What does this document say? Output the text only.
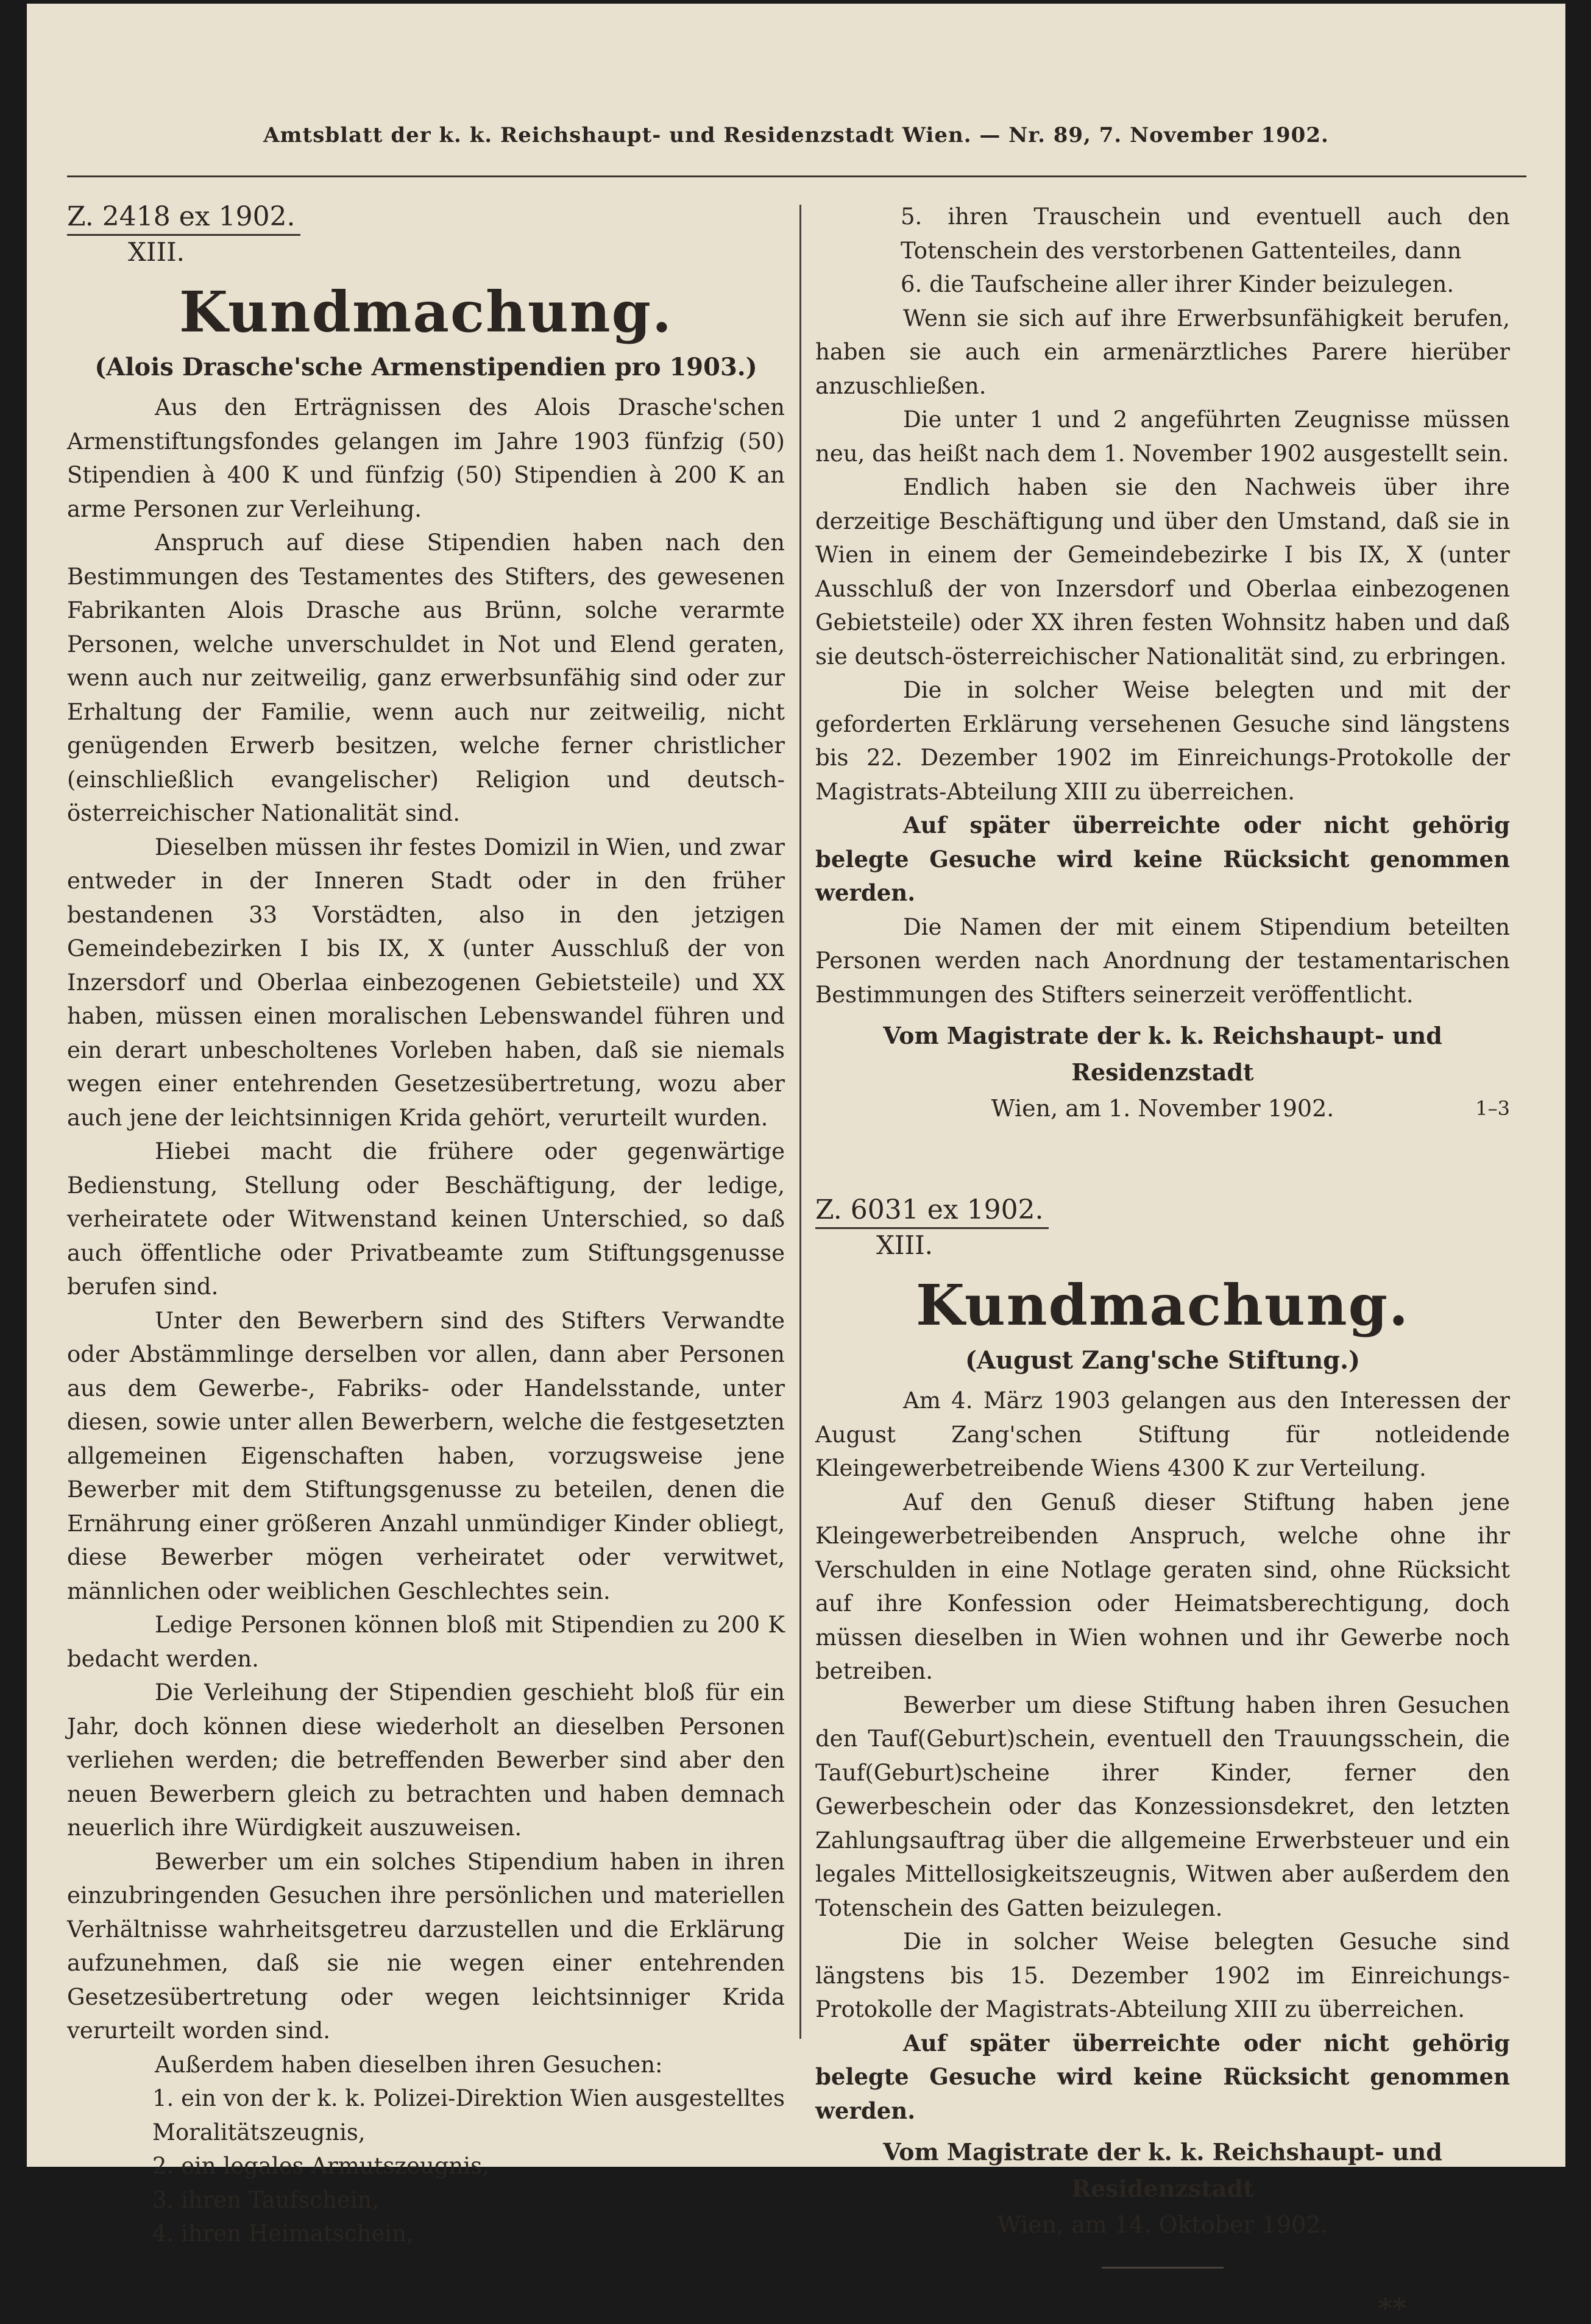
Amtsblatt der k. k. Reichshaupt- und Residenzstadt Wien. — Nr. 89, 7. November 1902.
Z. 2418 ex 1902.
XIII.
Kundmachung.
(Alois Drasche'sche Armenstipendien pro 1903.)

Aus den Erträgnissen des Alois Drasche'schen Armenstiftungsfondes gelangen im Jahre 1903 fünfzig (50) Stipendien à 400 K und fünfzig (50) Stipendien à 200 K an arme Personen zur Verleihung.

Anspruch auf diese Stipendien haben nach den Bestimmungen des Testamentes des Stifters, des gewesenen Fabrikanten Alois Drasche aus Brünn, solche verarmte Personen, welche unverschuldet in Not und Elend geraten, wenn auch nur zeitweilig, ganz erwerbsunfähig sind oder zur Erhaltung der Familie, wenn auch nur zeitweilig, nicht genügenden Erwerb besitzen, welche ferner christlicher (einschließlich evangelischer) Religion und deutsch-österreichischer Nationalität sind.

Dieselben müssen ihr festes Domizil in Wien, und zwar entweder in der Inneren Stadt oder in den früher bestandenen 33 Vorstädten, also in den jetzigen Gemeindebezirken I bis IX, X (unter Ausschluß der von Inzersdorf und Oberlaa einbezogenen Gebietsteile) und XX haben, müssen einen moralischen Lebenswandel führen und ein derart unbescholtenes Vorleben haben, daß sie niemals wegen einer entehrenden Gesetzesübertretung, wozu aber auch jene der leichtsinnigen Krida gehört, verurteilt wurden.

Hiebei macht die frühere oder gegenwärtige Bedienstung, Stellung oder Beschäftigung, der ledige, verheiratete oder Witwenstand keinen Unterschied, so daß auch öffentliche oder Privatbeamte zum Stiftungsgenusse berufen sind.

Unter den Bewerbern sind des Stifters Verwandte oder Abstämmlinge derselben vor allen, dann aber Personen aus dem Gewerbe-, Fabriks- oder Handelsstande, unter diesen, sowie unter allen Bewerbern, welche die festgesetzten allgemeinen Eigenschaften haben, vorzugsweise jene Bewerber mit dem Stiftungsgenusse zu beteilen, denen die Ernährung einer größeren Anzahl unmündiger Kinder obliegt, diese Bewerber mögen verheiratet oder verwitwet, männlichen oder weiblichen Geschlechtes sein.

Ledige Personen können bloß mit Stipendien zu 200 K bedacht werden.

Die Verleihung der Stipendien geschieht bloß für ein Jahr, doch können diese wiederholt an dieselben Personen verliehen werden; die betreffenden Bewerber sind aber den neuen Bewerbern gleich zu betrachten und haben demnach neuerlich ihre Würdigkeit auszuweisen.

Bewerber um ein solches Stipendium haben in ihren einzubringenden Gesuchen ihre persönlichen und materiellen Verhältnisse wahrheitsgetreu darzustellen und die Erklärung aufzunehmen, daß sie nie wegen einer entehrenden Gesetzesübertretung oder wegen leichtsinniger Krida verurteilt worden sind.

Außerdem haben dieselben ihren Gesuchen:

1. ein von der k. k. Polizei-Direktion Wien ausgestelltes Moralitätszeugnis,

2. ein legales Armutszeugnis,

3. ihren Taufschein,

4. ihren Heimatschein,

5. ihren Trauschein und eventuell auch den Totenschein des verstorbenen Gattenteiles, dann

6. die Taufscheine aller ihrer Kinder beizulegen.

Wenn sie sich auf ihre Erwerbsunfähigkeit berufen, haben sie auch ein armenärztliches Parere hierüber anzuschließen.

Die unter 1 und 2 angeführten Zeugnisse müssen neu, das heißt nach dem 1. November 1902 ausgestellt sein.

Endlich haben sie den Nachweis über ihre derzeitige Beschäftigung und über den Umstand, daß sie in Wien in einem der Gemeindebezirke I bis IX, X (unter Ausschluß der von Inzersdorf und Oberlaa einbezogenen Gebietsteile) oder XX ihren festen Wohnsitz haben und daß sie deutsch-österreichischer Nationalität sind, zu erbringen.

Die in solcher Weise belegten und mit der geforderten Erklärung versehenen Gesuche sind längstens bis 22. Dezember 1902 im Einreichungs-Protokolle der Magistrats-Abteilung XIII zu überreichen.

Auf später überreichte oder nicht gehörig belegte Gesuche wird keine Rücksicht genommen werden.

Die Namen der mit einem Stipendium beteilten Personen werden nach Anordnung der testamentarischen Bestimmungen des Stifters seinerzeit veröffentlicht.

Vom Magistrate der k. k. Reichshaupt- und Residenzstadt
Wien, am 1. November 1902.	1–3
Z. 6031 ex 1902.
XIII.
Kundmachung.
(August Zang'sche Stiftung.)

Am 4. März 1903 gelangen aus den Interessen der August Zang'schen Stiftung für notleidende Kleingewerbetreibende Wiens 4300 K zur Verteilung.

Auf den Genuß dieser Stiftung haben jene Kleingewerbetreibenden Anspruch, welche ohne ihr Verschulden in eine Notlage geraten sind, ohne Rücksicht auf ihre Konfession oder Heimatsberechtigung, doch müssen dieselben in Wien wohnen und ihr Gewerbe noch betreiben.

Bewerber um diese Stiftung haben ihren Gesuchen den Tauf(Geburt)schein, eventuell den Trauungsschein, die Tauf(Geburt)scheine ihrer Kinder, ferner den Gewerbeschein oder das Konzessionsdekret, den letzten Zahlungsauftrag über die allgemeine Erwerbsteuer und ein legales Mittellosigkeitszeugnis, Witwen aber außerdem den Totenschein des Gatten beizulegen.

Die in solcher Weise belegten Gesuche sind längstens bis 15. Dezember 1902 im Einreichungs-Protokolle der Magistrats-Abteilung XIII zu überreichen.

Auf später überreichte oder nicht gehörig belegte Gesuche wird keine Rücksicht genommen werden.

Vom Magistrate der k. k. Reichshaupt- und Residenzstadt
Wien, am 14. Oktober 1902.
**
